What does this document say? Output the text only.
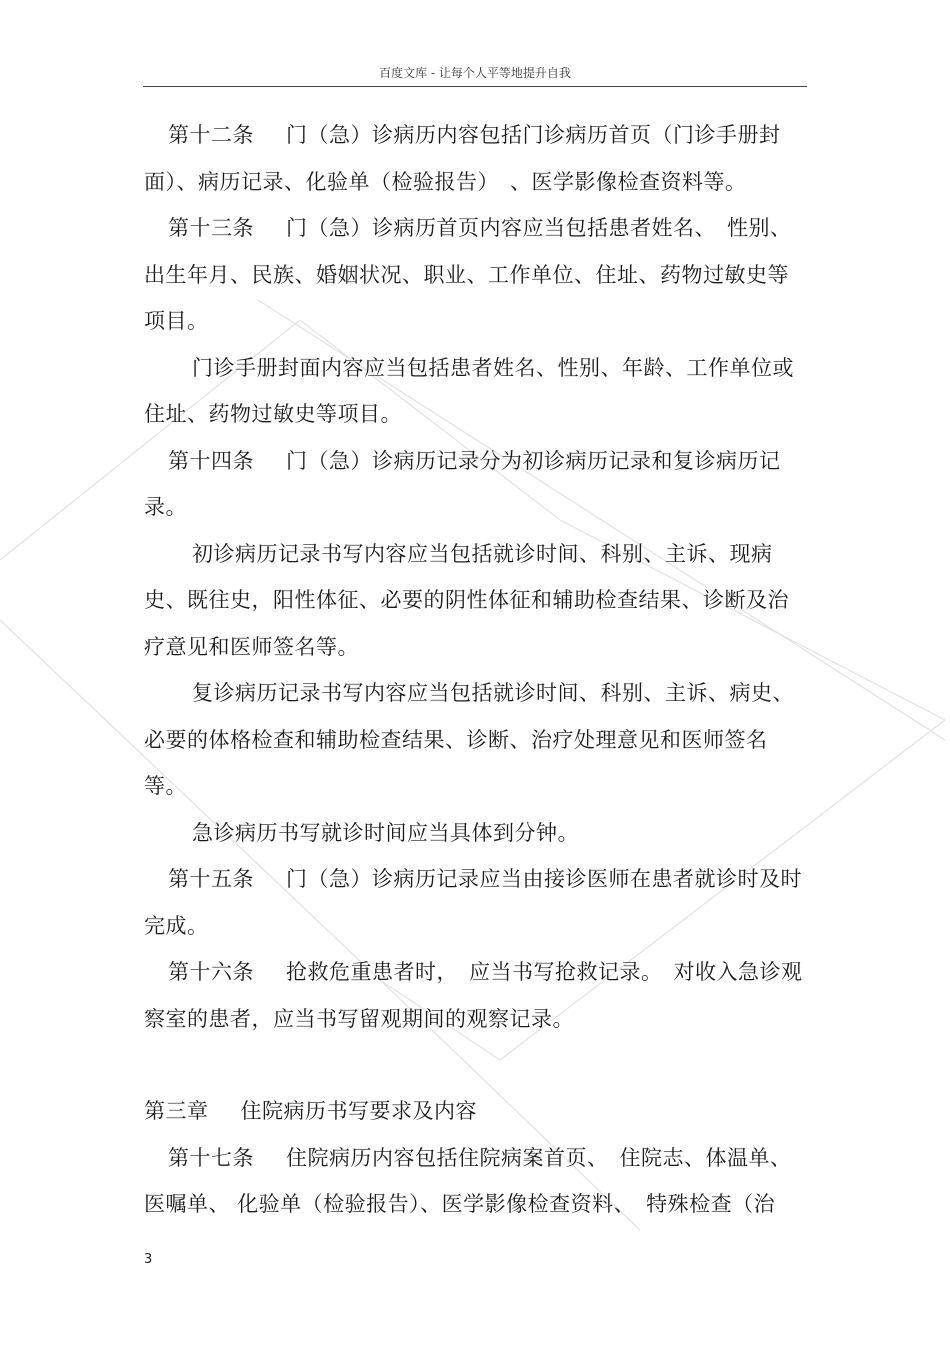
百度文库 - 让每个人平等地提升自我

第十二条 门（急）诊病历内容包括门诊病历首页（门诊手册封面）、病历记录、化验单（检验报告）　、医学影像检查资料等。

第十三条 门（急）诊病历首页内容应当包括患者姓名、　性别、出生年月、民族、婚姻状况、职业、工作单位、住址、药物过敏史等项目。

门诊手册封面内容应当包括患者姓名、性别、年龄、工作单位或住址、药物过敏史等项目。

第十四条 门（急）诊病历记录分为初诊病历记录和复诊病历记录。

初诊病历记录书写内容应当包括就诊时间、科别、主诉、现病史、既往史，阳性体征、必要的阴性体征和辅助检查结果、诊断及治疗意见和医师签名等。

复诊病历记录书写内容应当包括就诊时间、科别、主诉、病史、必要的体格检查和辅助检查结果、诊断、治疗处理意见和医师签名等。

急诊病历书写就诊时间应当具体到分钟。

第十五条 门（急）诊病历记录应当由接诊医师在患者就诊时及时完成。

第十六条 抢救危重患者时，　应当书写抢救记录。　对收入急诊观察室的患者，应当书写留观期间的观察记录。

第三章 住院病历书写要求及内容

第十七条 住院病历内容包括住院病案首页、　住院志、体温单、医嘱单、 化验单（检验报告）、医学影像检查资料、　特殊检查（治

3
